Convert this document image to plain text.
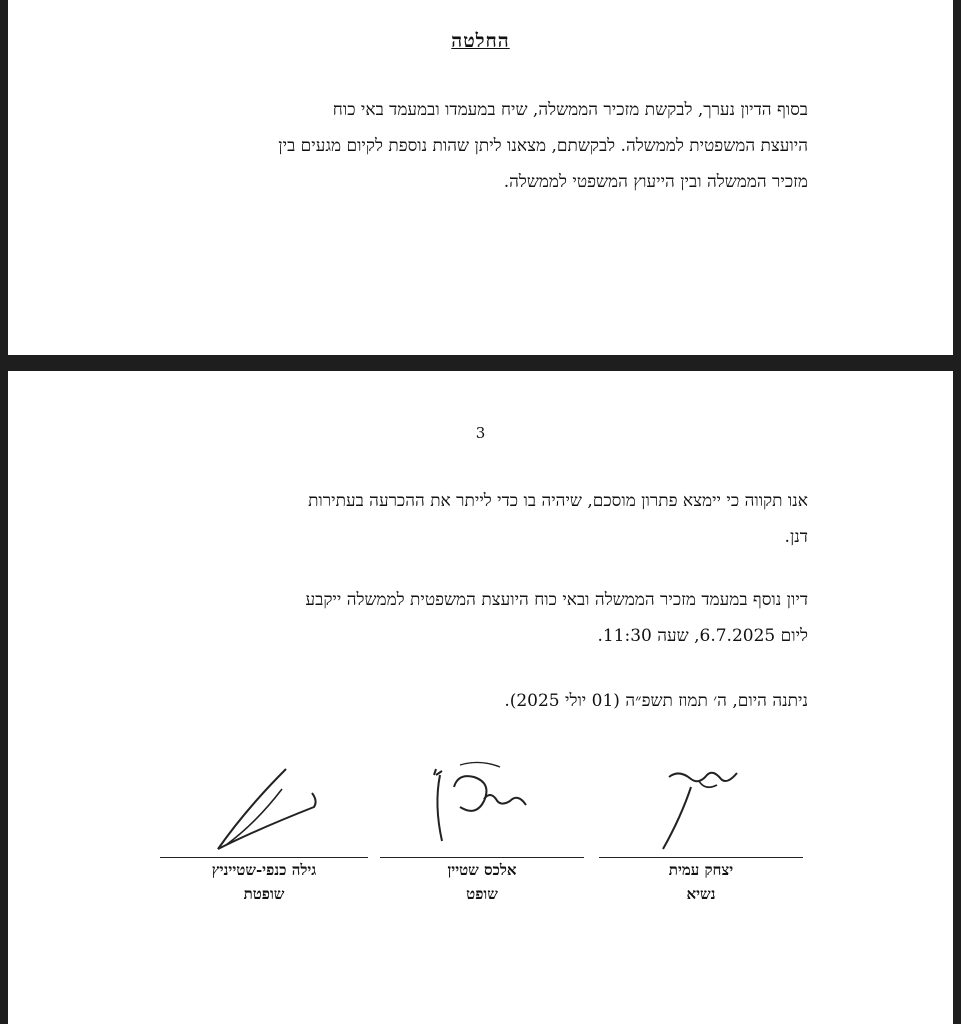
החלטה
בסוף הדיון נערך, לבקשת מזכיר הממשלה, שיח במעמדו ובמעמד באי כוח
היועצת המשפטית לממשלה. לבקשתם, מצאנו ליתן שהות נוספת לקיום מגעים בין
מזכיר הממשלה ובין הייעוץ המשפטי לממשלה.
3
אנו תקווה כי יימצא פתרון מוסכם, שיהיה בו כדי לייתר את ההכרעה בעתירות
דנן.
דיון נוסף במעמד מזכיר הממשלה ובאי כוח היועצת המשפטית לממשלה ייקבע
ליום 6.7.2025, שעה 11:30.
ניתנה היום, ה׳ תמוז תשפ״ה (01 יולי 2025).
יצחק עמית
נשיא
אלכס שטיין
שופט
גילה כנפי-שטייניץ
שופטת
